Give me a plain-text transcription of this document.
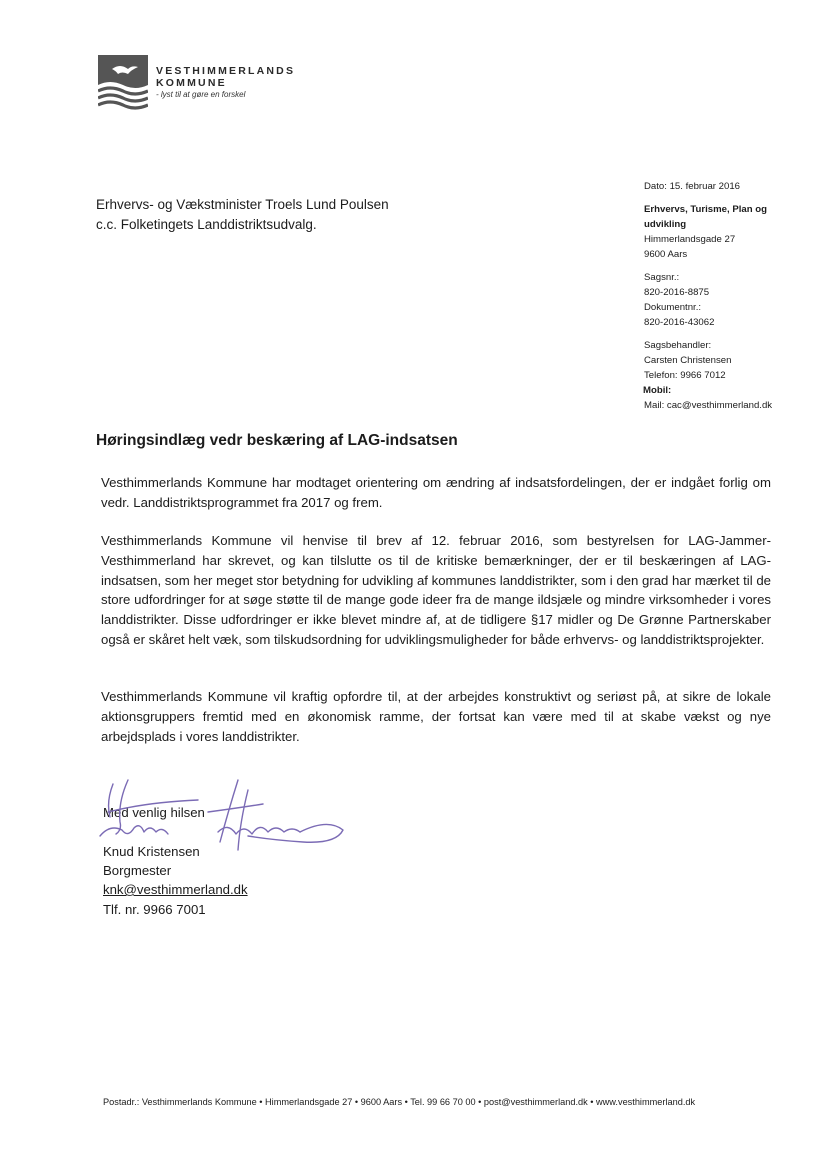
VESTHIMMERLANDS
KOMMUNE
- lyst til at gøre en forskel
Erhvervs- og Vækstminister Troels Lund Poulsen
c.c. Folketingets Landdistriktsudvalg.
Dato: 15. februar 2016
Erhvervs, Turisme, Plan og
udvikling
Himmerlandsgade 27
9600 Aars
Sagsnr.:
820-2016-8875
Dokumentnr.:
820-2016-43062
Sagsbehandler:
Carsten Christensen
Telefon: 9966 7012
Mobil:
Mail: cac@vesthimmerland.dk
Høringsindlæg vedr beskæring af LAG-indsatsen
Vesthimmerlands Kommune har modtaget orientering om ændring af indsatsfordelingen, der er indgået forlig om vedr. Landdistriktsprogrammet fra 2017 og frem.
Vesthimmerlands Kommune vil henvise til brev af 12. februar 2016, som bestyrelsen for LAG-Jammer-Vesthimmerland har skrevet, og kan tilslutte os til de kritiske bemærkninger, der er til beskæringen af LAG-indsatsen, som her meget stor betydning for udvikling af kommunes landdistrikter, som i den grad har mærket til de store udfordringer for at søge støtte til de mange gode ideer fra de mange ildsjæle og mindre virksomheder i vores landdistrikter. Disse udfordringer er ikke blevet mindre af, at de tidligere §17 midler og De Grønne Partnerskaber også er skåret helt væk, som tilskudsordning for udviklingsmuligheder for både erhvervs- og landdistriktsprojekter.
Vesthimmerlands Kommune vil kraftig opfordre til, at der arbejdes konstruktivt og seriøst på, at sikre de lokale aktionsgruppers fremtid med en økonomisk ramme, der fortsat kan være med til at skabe vækst og nye arbejdsplads i vores landdistrikter.
Med venlig hilsen
Knud Kristensen
Borgmester
knk@vesthimmerland.dk
Tlf. nr. 9966 7001
Postadr.: Vesthimmerlands Kommune • Himmerlandsgade 27 • 9600 Aars • Tel. 99 66 70 00 • post@vesthimmerland.dk • www.vesthimmerland.dk
